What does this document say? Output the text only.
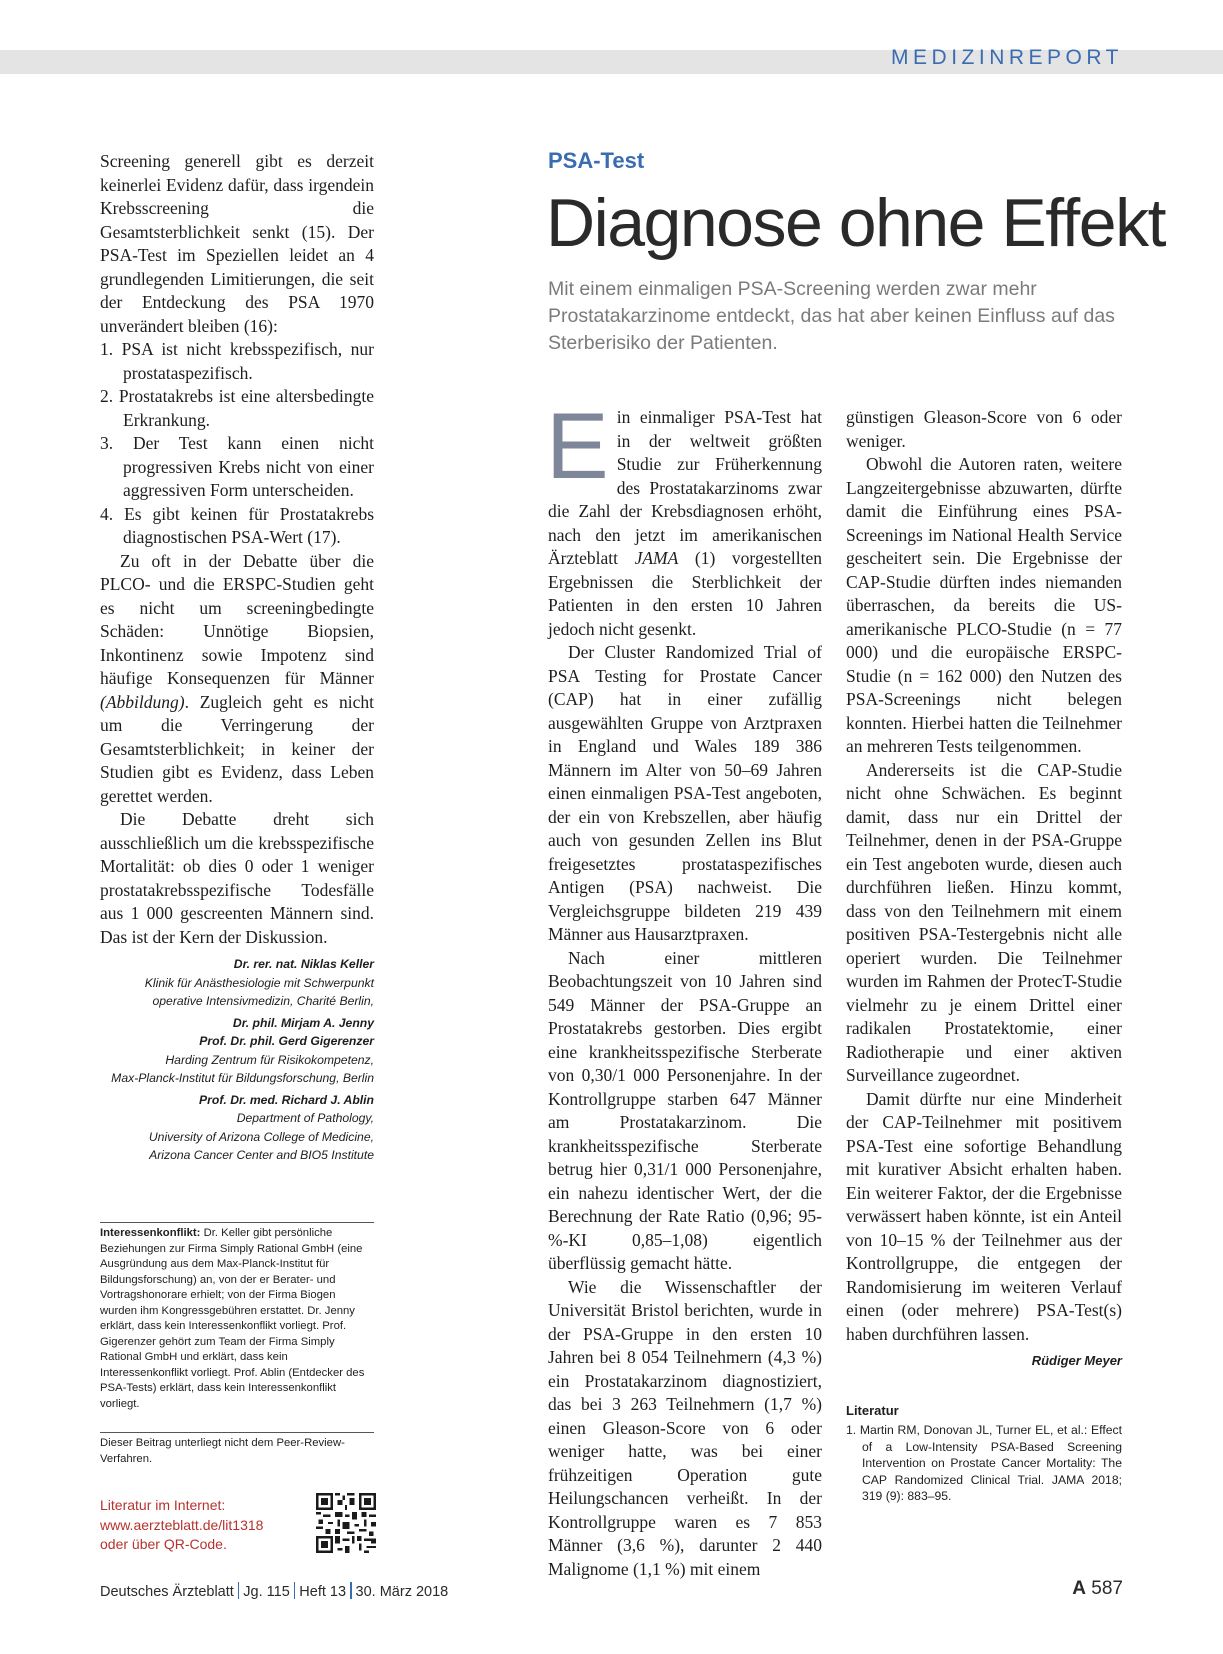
MEDIZINREPORT

Screening generell gibt es derzeit keinerlei Evidenz dafür, dass irgendein Krebsscreening die Gesamtsterblichkeit senkt (15). Der PSA-Test im Speziellen leidet an 4 grundlegenden Limitierungen, die seit der Entdeckung des PSA 1970 unverändert bleiben (16):

1. PSA ist nicht krebsspezifisch, nur prostataspezifisch.
2. Prostatakrebs ist eine altersbedingte Erkrankung.
3. Der Test kann einen nicht progressiven Krebs nicht von einer aggressiven Form unterscheiden.
4. Es gibt keinen für Prostatakrebs diagnostischen PSA-Wert (17).

Zu oft in der Debatte über die PLCO- und die ERSPC-Studien geht es nicht um screeningbedingte Schäden: Unnötige Biopsien, Inkontinenz sowie Impotenz sind häufige Konsequenzen für Männer (Abbildung). Zugleich geht es nicht um die Verringerung der Gesamtsterblichkeit; in keiner der Studien gibt es Evidenz, dass Leben gerettet werden.

Die Debatte dreht sich ausschließlich um die krebsspezifische Mortalität: ob dies 0 oder 1 weniger prostatakrebsspezifische Todesfälle aus 1 000 gescreenten Männern sind. Das ist der Kern der Diskussion.

Dr. rer. nat. Niklas Keller
Klinik für Anästhesiologie mit Schwerpunkt
operative Intensivmedizin, Charité Berlin,
Dr. phil. Mirjam A. Jenny
Prof. Dr. phil. Gerd Gigerenzer
Harding Zentrum für Risikokompetenz,
Max-Planck-Institut für Bildungsforschung, Berlin
Prof. Dr. med. Richard J. Ablin
Department of Pathology,
University of Arizona College of Medicine,
Arizona Cancer Center and BIO5 Institute
Interessenkonflikt: Dr. Keller gibt persönliche Beziehungen zur Firma Simply Rational GmbH (eine Ausgründung aus dem Max-Planck-Institut für Bildungsforschung) an, von der er Berater- und Vortragshonorare erhielt; von der Firma Biogen wurden ihm Kongressgebühren erstattet. Dr. Jenny erklärt, dass kein Interessenkonflikt vorliegt. Prof. Gigerenzer gehört zum Team der Firma Simply Rational GmbH und erklärt, dass kein Interessenkonflikt vorliegt. Prof. Ablin (Entdecker des PSA-Tests) erklärt, dass kein Interessenkonflikt vorliegt.
Dieser Beitrag unterliegt nicht dem Peer-Review-Verfahren.
Literatur im Internet:
www.aerzteblatt.de/lit1318
oder über QR-Code.
PSA-Test
Diagnose ohne Effekt
Mit einem einmaligen PSA-Screening werden zwar mehr Prostatakarzinome entdeckt, das hat aber keinen Einfluss auf das Sterberisiko der Patienten.

Ein einmaliger PSA-Test hat in der weltweit größten Studie zur Früherkennung des Prostatakarzinoms zwar die Zahl der Krebsdiagnosen erhöht, nach den jetzt im amerikanischen Ärzteblatt JAMA (1) vorgestellten Ergebnissen die Sterblichkeit der Patienten in den ersten 10 Jahren jedoch nicht gesenkt.

Der Cluster Randomized Trial of PSA Testing for Prostate Cancer (CAP) hat in einer zufällig ausgewählten Gruppe von Arztpraxen in England und Wales 189 386 Männern im Alter von 50–69 Jahren einen einmaligen PSA-Test angeboten, der ein von Krebszellen, aber häufig auch von gesunden Zellen ins Blut freigesetztes prostataspezifisches Antigen (PSA) nachweist. Die Vergleichsgruppe bildeten 219 439 Männer aus Hausarztpraxen.

Nach einer mittleren Beobachtungszeit von 10 Jahren sind 549 Männer der PSA-Gruppe an Prostatakrebs gestorben. Dies ergibt eine krankheitsspezifische Sterberate von 0,30/1 000 Personenjahre. In der Kontrollgruppe starben 647 Männer am Prostatakarzinom. Die krankheitsspezifische Sterberate betrug hier 0,31/1 000 Personenjahre, ein nahezu identischer Wert, der die Berechnung der Rate Ratio (0,96; 95-%-KI 0,85–1,08) eigentlich überflüssig gemacht hätte.

Wie die Wissenschaftler der Universität Bristol berichten, wurde in der PSA-Gruppe in den ersten 10 Jahren bei 8 054 Teilnehmern (4,3 %) ein Prostatakarzinom diagnostiziert, das bei 3 263 Teilnehmern (1,7 %) einen Gleason-Score von 6 oder weniger hatte, was bei einer frühzeitigen Operation gute Heilungschancen verheißt. In der Kontrollgruppe waren es 7 853 Männer (3,6 %), darunter 2 440 Malignome (1,1 %) mit einem

günstigen Gleason-Score von 6 oder weniger.

Obwohl die Autoren raten, weitere Langzeitergebnisse abzuwarten, dürfte damit die Einführung eines PSA-Screenings im National Health Service gescheitert sein. Die Ergebnisse der CAP-Studie dürften indes niemanden überraschen, da bereits die US-amerikanische PLCO-Studie (n = 77 000) und die europäische ERSPC-Studie (n = 162 000) den Nutzen des PSA-Screenings nicht belegen konnten. Hierbei hatten die Teilnehmer an mehreren Tests teilgenommen.

Andererseits ist die CAP-Studie nicht ohne Schwächen. Es beginnt damit, dass nur ein Drittel der Teilnehmer, denen in der PSA-Gruppe ein Test angeboten wurde, diesen auch durchführen ließen. Hinzu kommt, dass von den Teilnehmern mit einem positiven PSA-Testergebnis nicht alle operiert wurden. Die Teilnehmer wurden im Rahmen der ProtecT-Studie vielmehr zu je einem Drittel einer radikalen Prostatektomie, einer Radiotherapie und einer aktiven Surveillance zugeordnet.

Damit dürfte nur eine Minderheit der CAP-Teilnehmer mit positivem PSA-Test eine sofortige Behandlung mit kurativer Absicht erhalten haben. Ein weiterer Faktor, der die Ergebnisse verwässert haben könnte, ist ein Anteil von 10–15 % der Teilnehmer aus der Kontrollgruppe, die entgegen der Randomisierung im weiteren Verlauf einen (oder mehrere) PSA-Test(s) haben durchführen lassen.
Rüdiger Meyer

Literatur

1. Martin RM, Donovan JL, Turner EL, et al.: Effect of a Low-Intensity PSA-Based Screening Intervention on Prostate Cancer Mortality: The CAP Randomized Clinical Trial. JAMA 2018; 319 (9): 883–95.

Deutsches Ärzteblatt Jg. 115 Heft 13 30. März 2018	A 587
